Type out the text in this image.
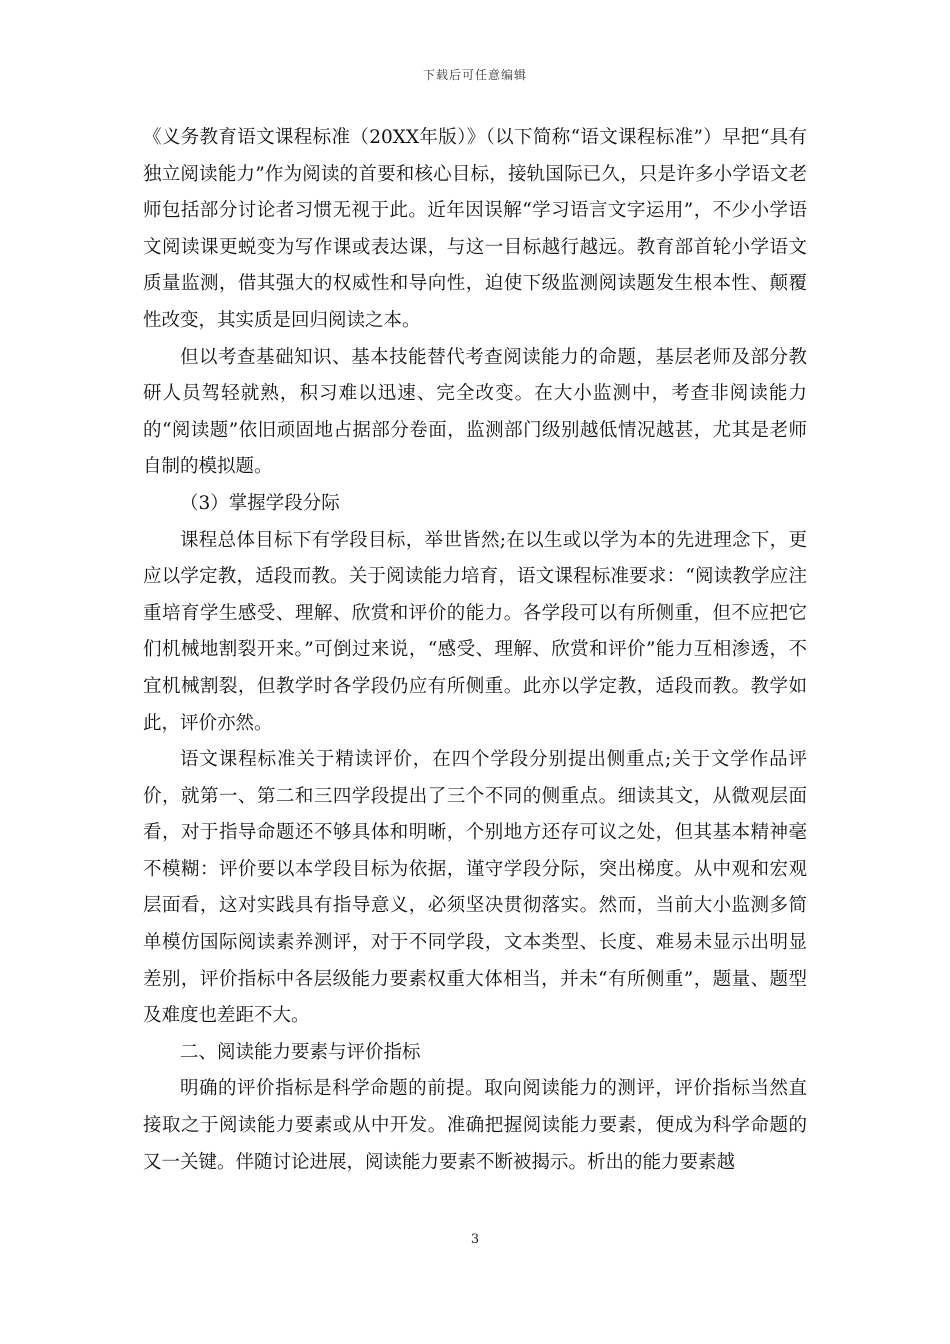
下载后可任意编辑

《义务教育语文课程标准（20XX年版）》（以下简称“语文课程标准”）早把“具有独立阅读能力”作为阅读的首要和核心目标，接轨国际已久，只是许多小学语文老师包括部分讨论者习惯无视于此。近年因误解“学习语言文字运用”，不少小学语文阅读课更蜕变为写作课或表达课，与这一目标越行越远。教育部首轮小学语文质量监测，借其强大的权威性和导向性，迫使下级监测阅读题发生根本性、颠覆性改变，其实质是回归阅读之本。

但以考查基础知识、基本技能替代考查阅读能力的命题，基层老师及部分教研人员驾轻就熟，积习难以迅速、完全改变。在大小监测中，考查非阅读能力的“阅读题”依旧顽固地占据部分卷面，监测部门级别越低情况越甚，尤其是老师自制的模拟题。

（3）掌握学段分际

课程总体目标下有学段目标，举世皆然;在以生或以学为本的先进理念下，更应以学定教，适段而教。关于阅读能力培育，语文课程标准要求：“阅读教学应注重培育学生感受、理解、欣赏和评价的能力。各学段可以有所侧重，但不应把它们机械地割裂开来。”可倒过来说，“感受、理解、欣赏和评价”能力互相渗透，不宜机械割裂，但教学时各学段仍应有所侧重。此亦以学定教，适段而教。教学如此，评价亦然。

语文课程标准关于精读评价，在四个学段分别提出侧重点;关于文学作品评价，就第一、第二和三四学段提出了三个不同的侧重点。细读其文，从微观层面看，对于指导命题还不够具体和明晰，个别地方还存可议之处，但其基本精神毫不模糊：评价要以本学段目标为依据，谨守学段分际，突出梯度。从中观和宏观层面看，这对实践具有指导意义，必须坚决贯彻落实。然而，当前大小监测多简单模仿国际阅读素养测评，对于不同学段，文本类型、长度、难易未显示出明显差别，评价指标中各层级能力要素权重大体相当，并未“有所侧重”，题量、题型及难度也差距不大。

二、阅读能力要素与评价指标

明确的评价指标是科学命题的前提。取向阅读能力的测评，评价指标当然直接取之于阅读能力要素或从中开发。准确把握阅读能力要素，便成为科学命题的又一关键。伴随讨论进展，阅读能力要素不断被揭示。析出的能力要素越

3
